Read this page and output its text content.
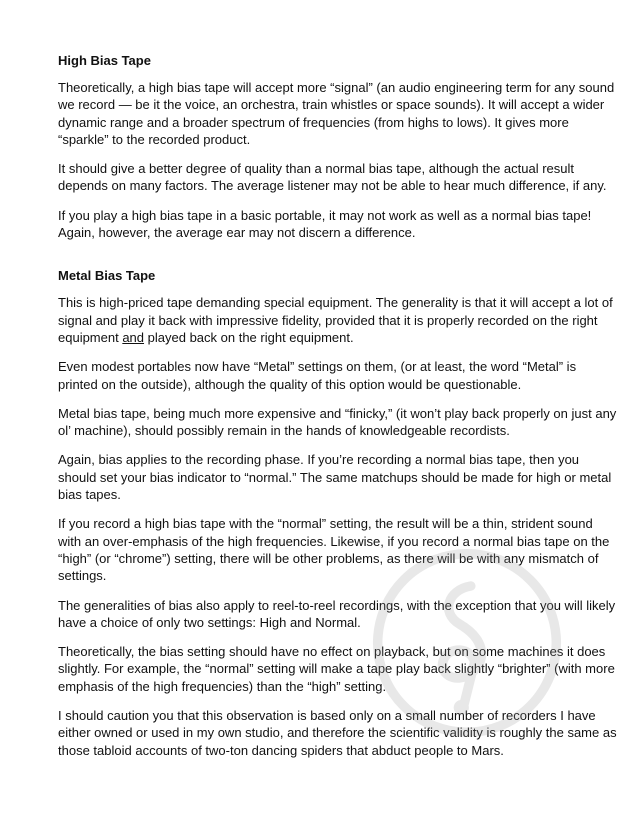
High Bias Tape

Theoretically, a high bias tape will accept more “signal” (an audio engineering term for any sound we record — be it the voice, an orchestra, train whistles or space sounds). It will accept a wider dynamic range and a broader spectrum of frequencies (from highs to lows). It gives more “sparkle” to the recorded product.

It should give a better degree of quality than a normal bias tape, although the actual result depends on many factors. The average listener may not be able to hear much difference, if any.

If you play a high bias tape in a basic portable, it may not work as well as a normal bias tape! Again, however, the average ear may not discern a difference.

Metal Bias Tape

This is high-priced tape demanding special equipment. The generality is that it will accept a lot of signal and play it back with impressive fidelity, provided that it is properly recorded on the right equipment and played back on the right equipment.

Even modest portables now have “Metal” settings on them, (or at least, the word “Metal” is printed on the outside), although the quality of this option would be questionable.

Metal bias tape, being much more expensive and “finicky,” (it won’t play back properly on just any ol’ machine), should possibly remain in the hands of knowledgeable recordists.

Again, bias applies to the recording phase. If you’re recording a normal bias tape, then you should set your bias indicator to “normal.” The same matchups should be made for high or metal bias tapes.

If you record a high bias tape with the “normal” setting, the result will be a thin, strident sound with an over-emphasis of the high frequencies. Likewise, if you record a normal bias tape on the “high” (or “chrome”) setting, there will be other problems, as there will be with any mismatch of settings.

The generalities of bias also apply to reel-to-reel recordings, with the exception that you will likely have a choice of only two settings: High and Normal.

Theoretically, the bias setting should have no effect on playback, but on some machines it does slightly. For example, the “normal” setting will make a tape play back slightly “brighter” (with more emphasis of the high frequencies) than the “high” setting.

I should caution you that this observation is based only on a small number of recorders I have either owned or used in my own studio, and therefore the scientific validity is roughly the same as those tabloid accounts of two-ton dancing spiders that abduct people to Mars.
